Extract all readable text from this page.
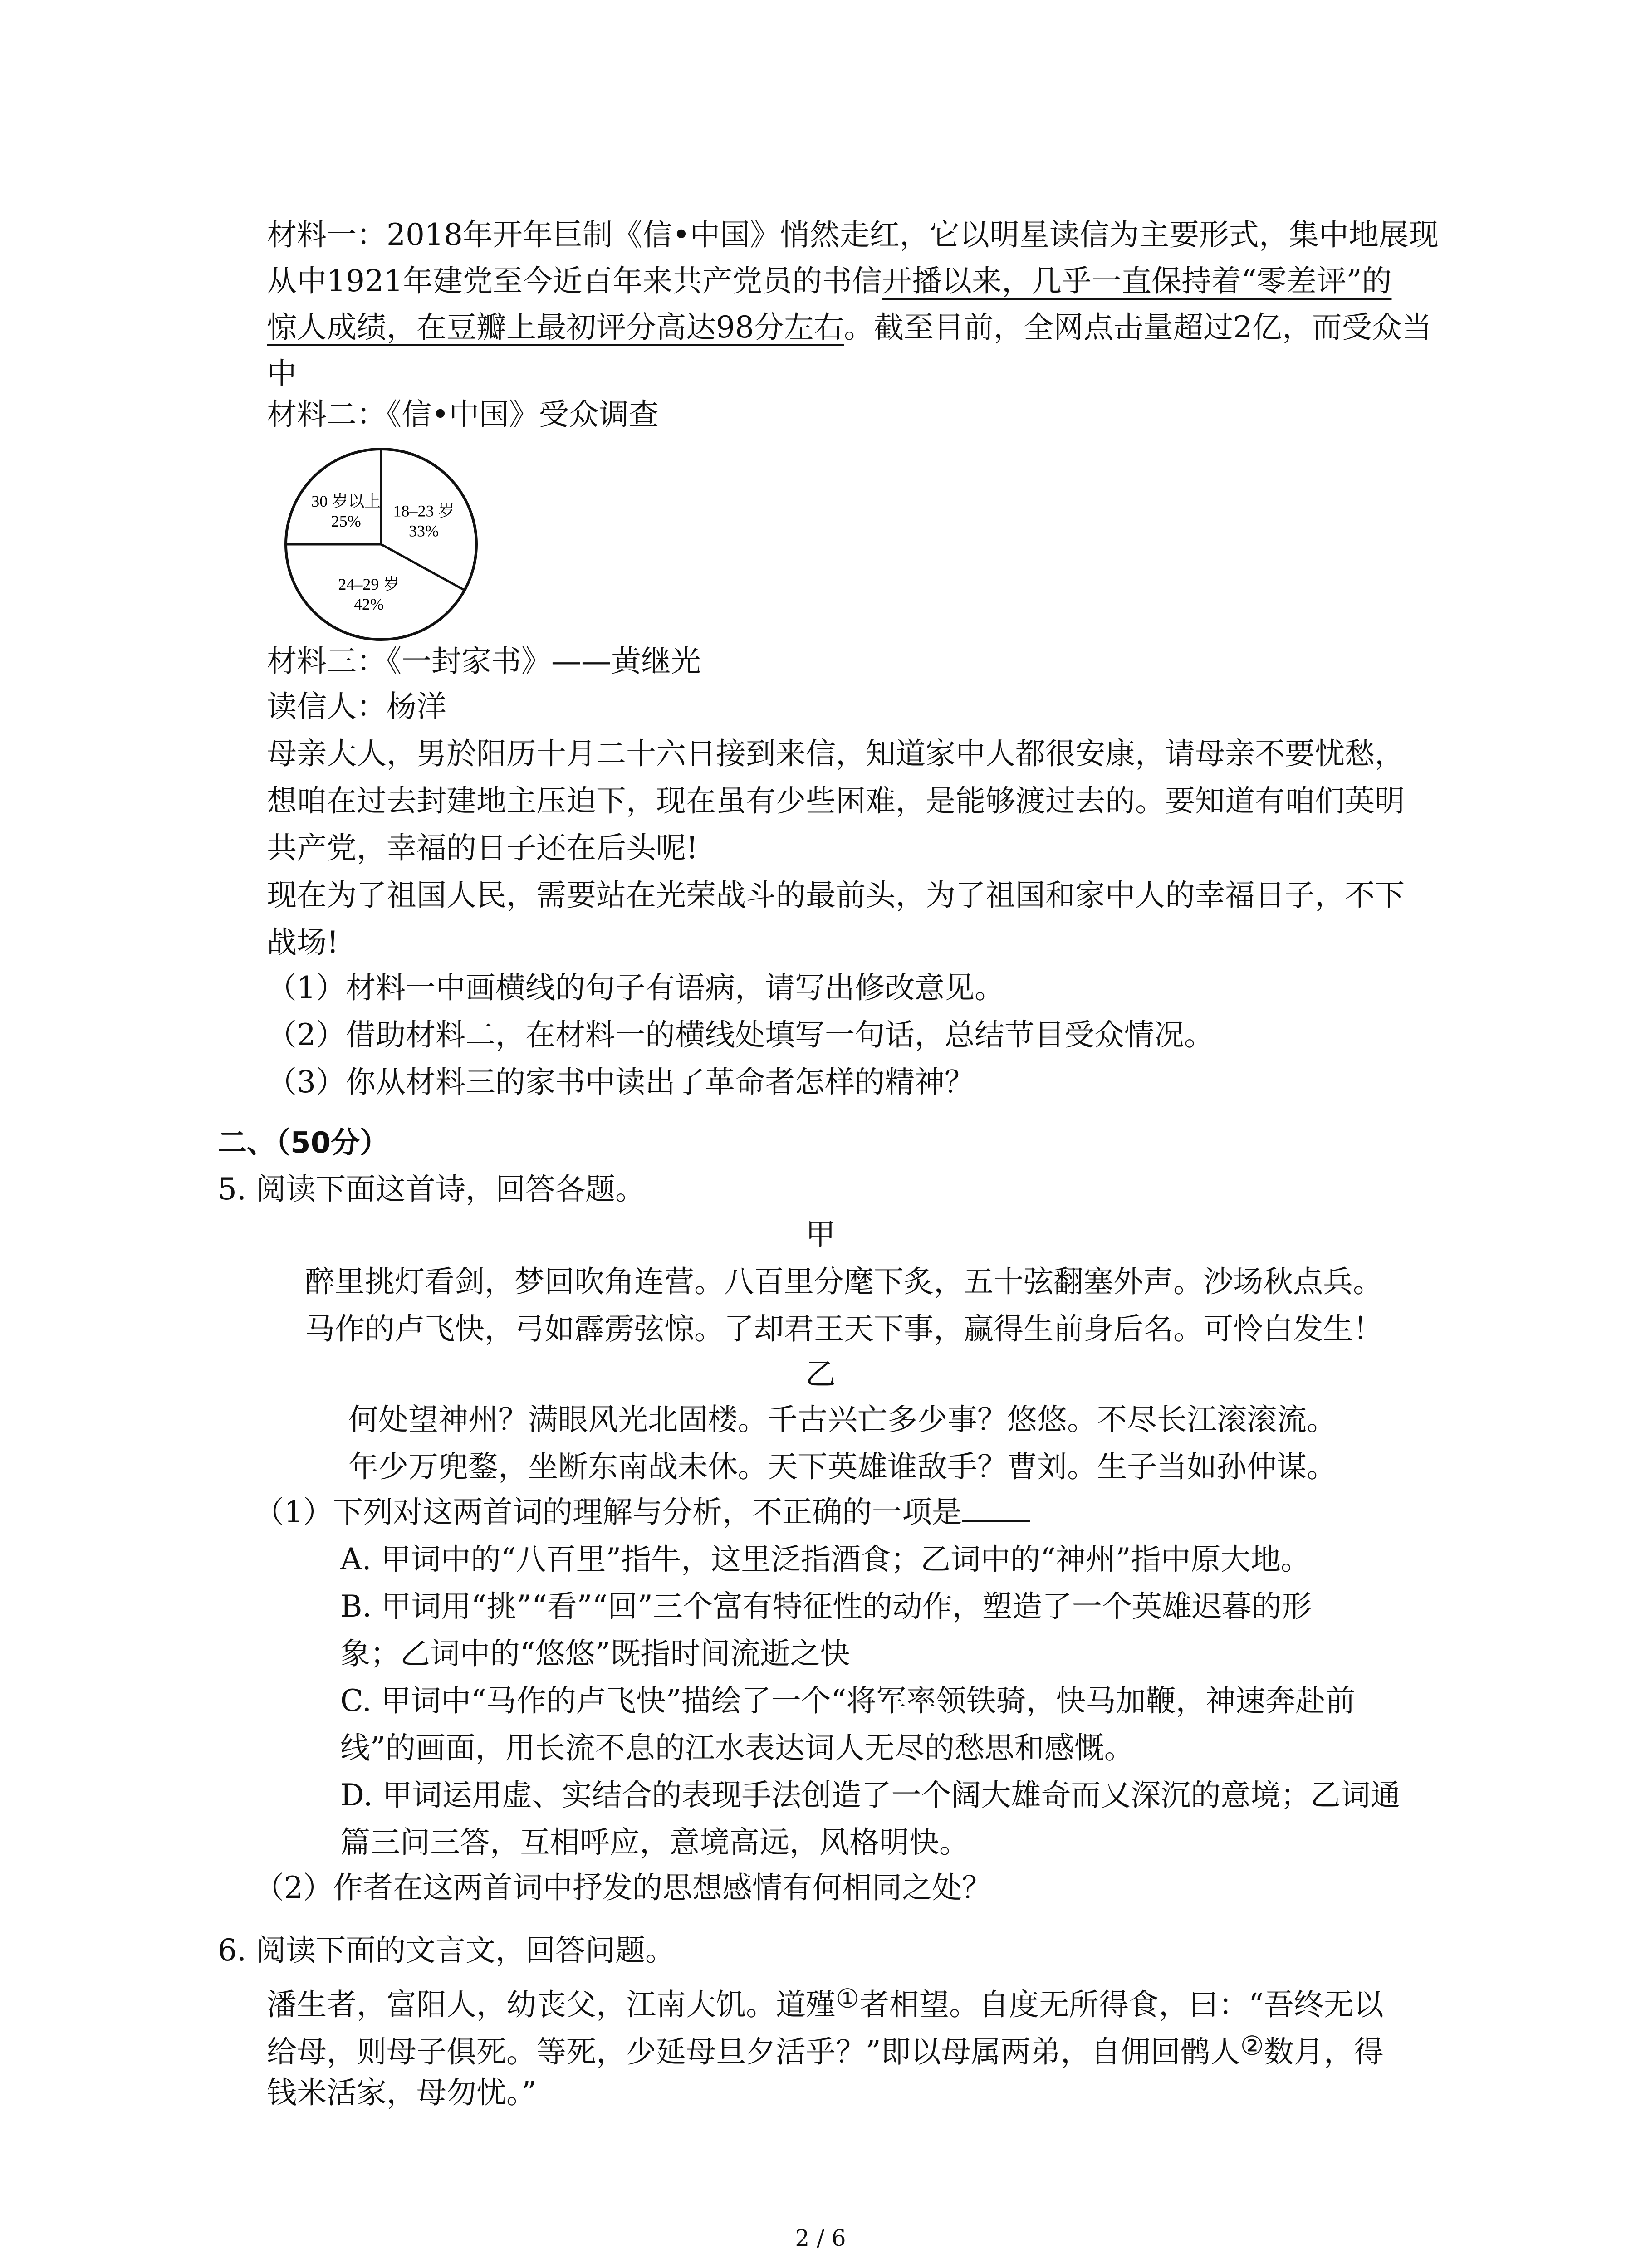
材料一：2018年开年巨制《信•中国》悄然走红，它以明星读信为主要形式，集中地展现
从中1921年建党至今近百年来共产党员的书信开播以来，几乎一直保持着“零差评”的
惊人成绩，在豆瓣上最初评分高达98分左右。截至目前，全网点击量超过2亿，而受众当
中
材料二：《信•中国》受众调查
18–23 岁
33%
24–29 岁
42%
30 岁以上
25%
材料三：《一封家书》——黄继光
读信人：杨洋
母亲大人，男於阳历十月二十六日接到来信，知道家中人都很安康，请母亲不要忧愁，
想咱在过去封建地主压迫下，现在虽有少些困难，是能够渡过去的。要知道有咱们英明
共产党，幸福的日子还在后头呢!
现在为了祖国人民，需要站在光荣战斗的最前头，为了祖国和家中人的幸福日子，不下
战场!
（1）材料一中画横线的句子有语病，请写出修改意见。
（2）借助材料二，在材料一的横线处填写一句话，总结节目受众情况。
（3）你从材料三的家书中读出了革命者怎样的精神？
二、（50分）
5. 阅读下面这首诗，回答各题。
甲
醉里挑灯看剑，梦回吹角连营。八百里分麾下炙，五十弦翻塞外声。沙场秋点兵。
马作的卢飞快，弓如霹雳弦惊。了却君王天下事，赢得生前身后名。可怜白发生！
乙
何处望神州？满眼风光北固楼。千古兴亡多少事？悠悠。不尽长江滚滚流。
年少万兜鍪，坐断东南战未休。天下英雄谁敌手？曹刘。生子当如孙仲谋。
（1）下列对这两首词的理解与分析，不正确的一项是
A. 甲词中的“八百里”指牛，这里泛指酒食；乙词中的“神州”指中原大地。
B. 甲词用“挑”“看”“回”三个富有特征性的动作，塑造了一个英雄迟暮的形
象；乙词中的“悠悠”既指时间流逝之快
C. 甲词中“马作的卢飞快”描绘了一个“将军率领铁骑，快马加鞭，神速奔赴前
线”的画面，用长流不息的江水表达词人无尽的愁思和感慨。
D. 甲词运用虚、实结合的表现手法创造了一个阔大雄奇而又深沉的意境；乙词通
篇三问三答，互相呼应，意境高远，风格明快。
（2）作者在这两首词中抒发的思想感情有何相同之处？
6. 阅读下面的文言文，回答问题。
潘生者，富阳人，幼丧父，江南大饥。道殣①者相望。自度无所得食，曰：“吾终无以
给母，则母子俱死。等死，少延母旦夕活乎？”即以母属两弟，自佣回鹘人②数月，得
钱米活家，母勿忧。”
2 / 6
